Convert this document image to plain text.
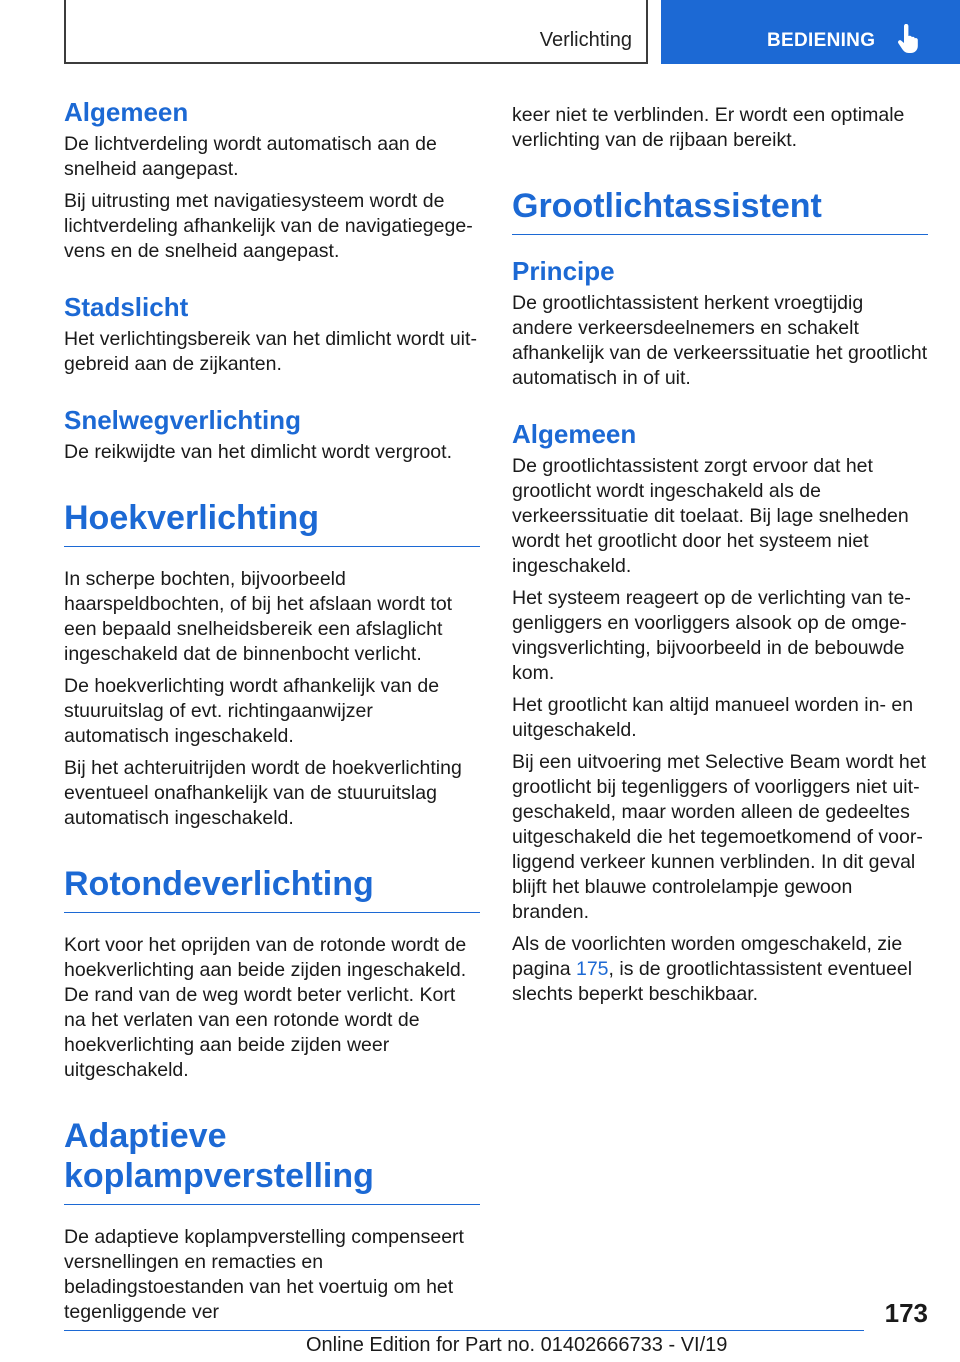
Verlichting	BEDIENING
Algemeen

De lichtverdeling wordt automatisch aan de snelheid aangepast.

Bij uitrusting met navigatiesysteem wordt de lichtverdeling afhankelijk van de navigatiegegevens en de snelheid aangepast.

Stadslicht

Het verlichtingsbereik van het dimlicht wordt uitgebreid aan de zijkanten.

Snelwegverlichting

De reikwijdte van het dimlicht wordt vergroot.

Hoekverlichting

In scherpe bochten, bijvoorbeeld haarspeldbochten, of bij het afslaan wordt tot een bepaald snelheidsbereik een afslaglicht ingeschakeld dat de binnenbocht verlicht.

De hoekverlichting wordt afhankelijk van de stuuruitslag of evt. richtingaanwijzer automatisch ingeschakeld.

Bij het achteruitrijden wordt de hoekverlichting eventueel onafhankelijk van de stuuruitslag automatisch ingeschakeld.

Rotondeverlichting

Kort voor het oprijden van de rotonde wordt de hoekverlichting aan beide zijden ingeschakeld. De rand van de weg wordt beter verlicht. Kort na het verlaten van een rotonde wordt de hoekverlichting aan beide zijden weer uitgeschakeld.

Adaptieve
koplampverstelling

De adaptieve koplampverstelling compenseert versnellingen en remacties en beladingstoestanden van het voertuig om het tegenliggende ver

keer niet te verblinden. Er wordt een optimale verlichting van de rijbaan bereikt.

Grootlichtassistent
Principe

De grootlichtassistent herkent vroegtijdig andere verkeersdeelnemers en schakelt afhankelijk van de verkeerssituatie het grootlicht automatisch in of uit.

Algemeen

De grootlichtassistent zorgt ervoor dat het grootlicht wordt ingeschakeld als de verkeerssituatie dit toelaat. Bij lage snelheden wordt het grootlicht door het systeem niet ingeschakeld.

Het systeem reageert op de verlichting van tegenliggers en voorliggers alsook op de omgevingsverlichting, bijvoorbeeld in de bebouwde kom.

Het grootlicht kan altijd manueel worden in- en uitgeschakeld.

Bij een uitvoering met Selective Beam wordt het grootlicht bij tegenliggers of voorliggers niet uitgeschakeld, maar worden alleen de gedeeltes uitgeschakeld die het tegemoetkomend of voorliggend verkeer kunnen verblinden. In dit geval blijft het blauwe controlelampje gewoon branden.

Als de voorlichten worden omgeschakeld, zie pagina 175, is de grootlichtassistent eventueel slechts beperkt beschikbaar.

173
Online Edition for Part no. 01402666733 - VI/19
